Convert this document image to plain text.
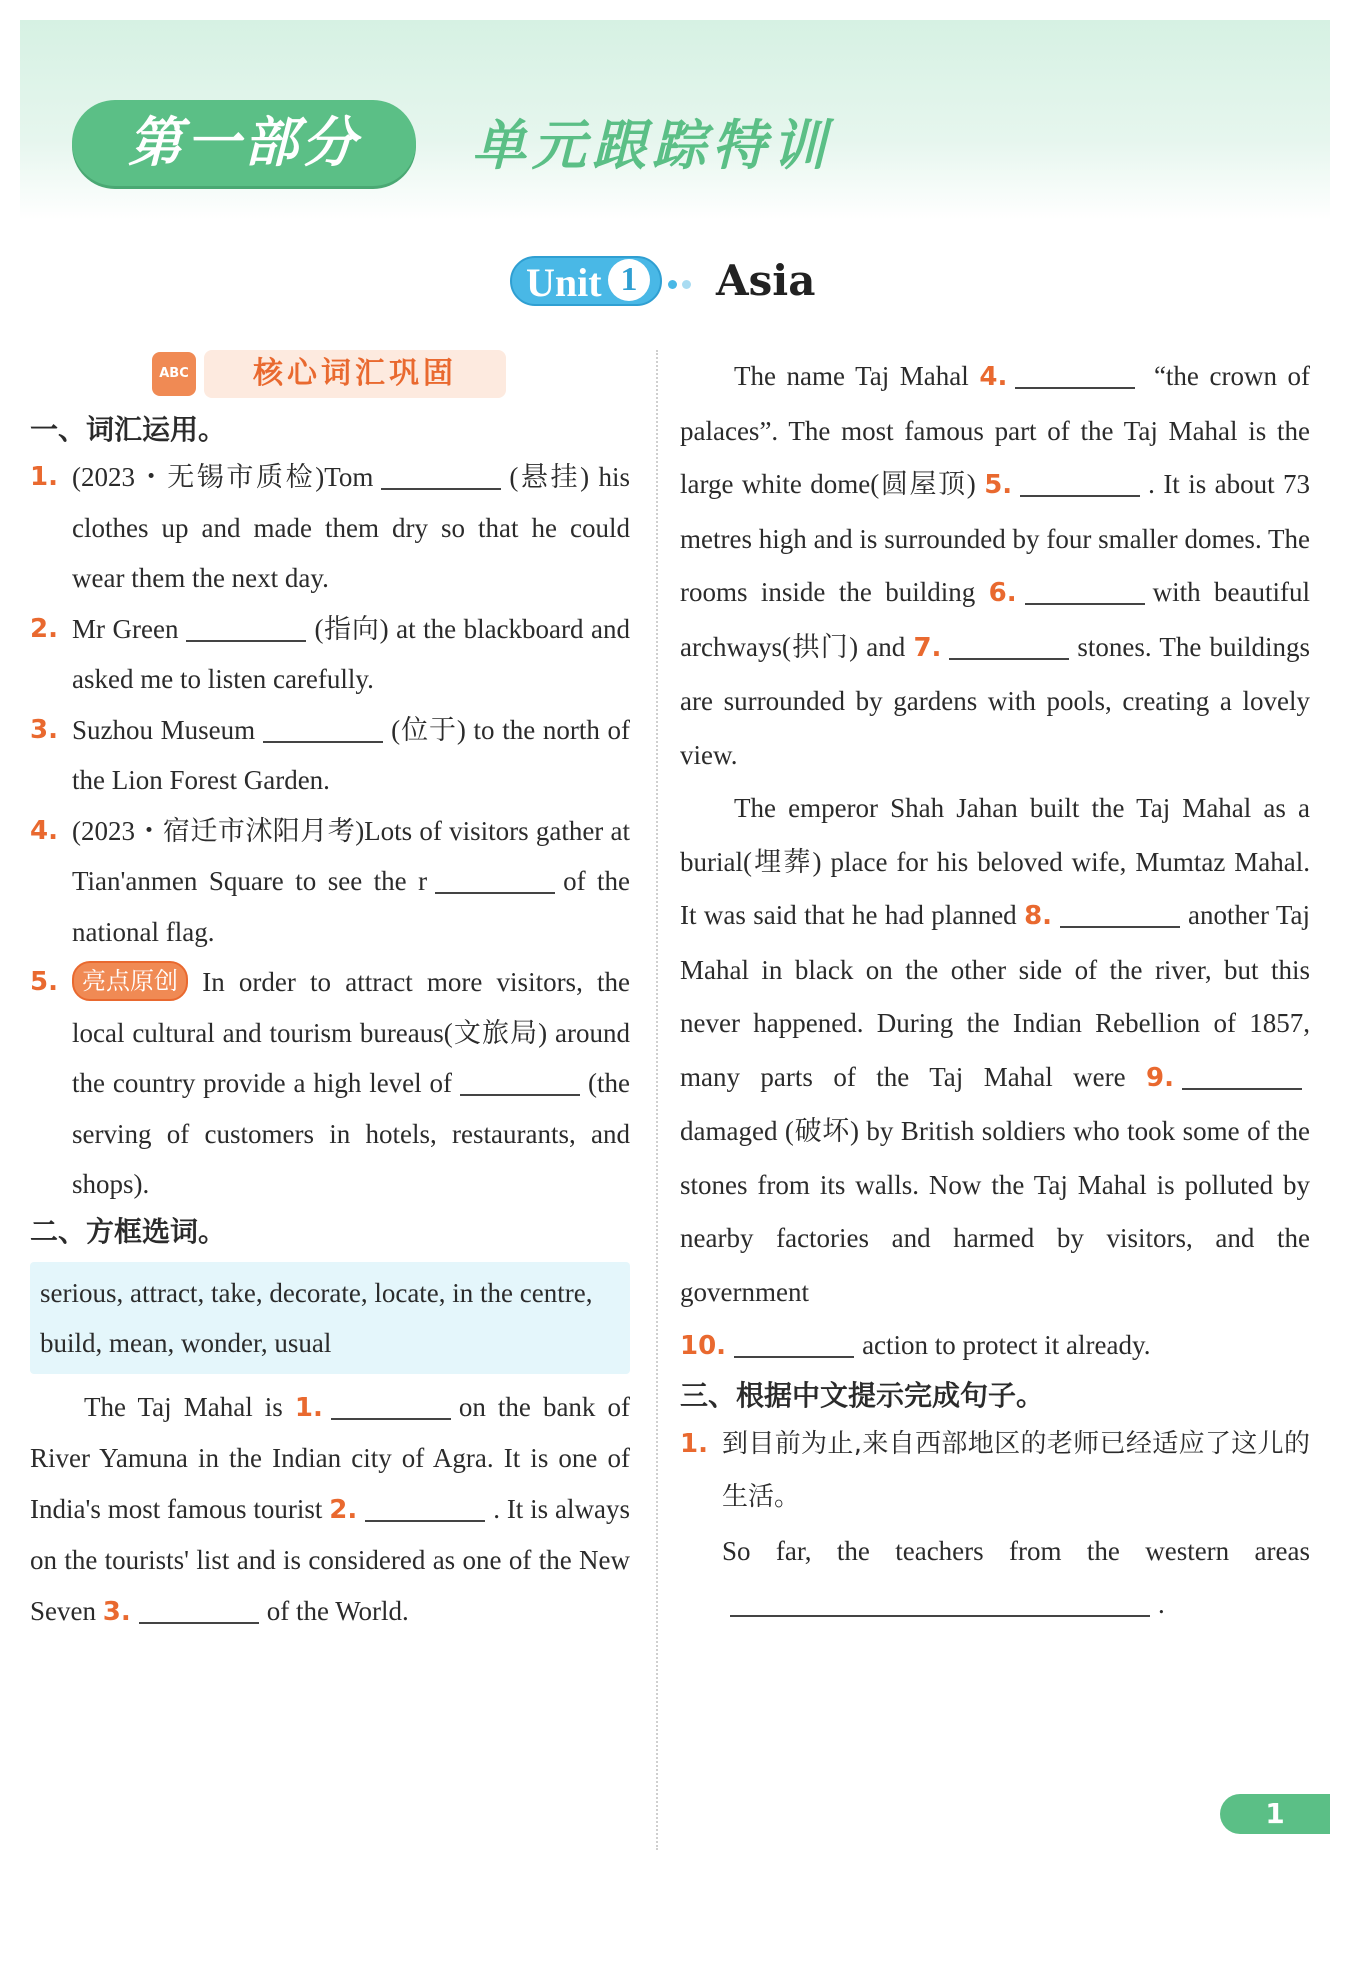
第一部分	单元跟踪特训
Unit 1 Asia
ABC	核心词汇巩固
一、词汇运用。
1. (2023・无锡市质检)Tom	(悬挂) his clothes up and made them dry so that he could wear them the next day.
2. Mr Green	(指向) at the blackboard and asked me to listen carefully.
3. Suzhou Museum	(位于) to the north of the Lion Forest Garden.
4. (2023・宿迁市沭阳月考)Lots of visitors gather at Tian'anmen Square to see the r	of the national flag.
5. 亮点原创 In order to attract more visitors, the local cultural and tourism bureaus(文旅局) around the country provide a high level of	(the serving of customers in hotels, restaurants, and shops).
二、方框选词。
serious, attract, take, decorate, locate, in the centre, build, mean, wonder, usual
The Taj Mahal is 1.	on the bank of River Yamuna in the Indian city of Agra. It is one of India's most famous tourist 2.	. It is always on the tourists' list and is considered as one of the New Seven 3.	of the World.
The name Taj Mahal 4.	“the crown of palaces”. The most famous part of the Taj Mahal is the large white dome(圆屋顶) 5.	. It is about 73 metres high and is surrounded by four smaller domes. The rooms inside the building 6.	with beautiful archways(拱门) and 7.	stones. The buildings are surrounded by gardens with pools, creating a lovely view.
The emperor Shah Jahan built the Taj Mahal as a burial(埋葬) place for his beloved wife, Mumtaz Mahal. It was said that he had planned 8.	another Taj Mahal in black on the other side of the river, but this never happened. During the Indian Rebellion of 1857, many parts of the Taj Mahal were 9.damaged (破坏) by British soldiers who took some of the stones from its walls. Now the Taj Mahal is polluted by nearby factories and harmed by visitors, and the government
10.	action to protect it already.
三、根据中文提示完成句子。
1. 到目前为止,来自西部地区的老师已经适应了这儿的生活。
So far, the teachers from the western areas .
1
